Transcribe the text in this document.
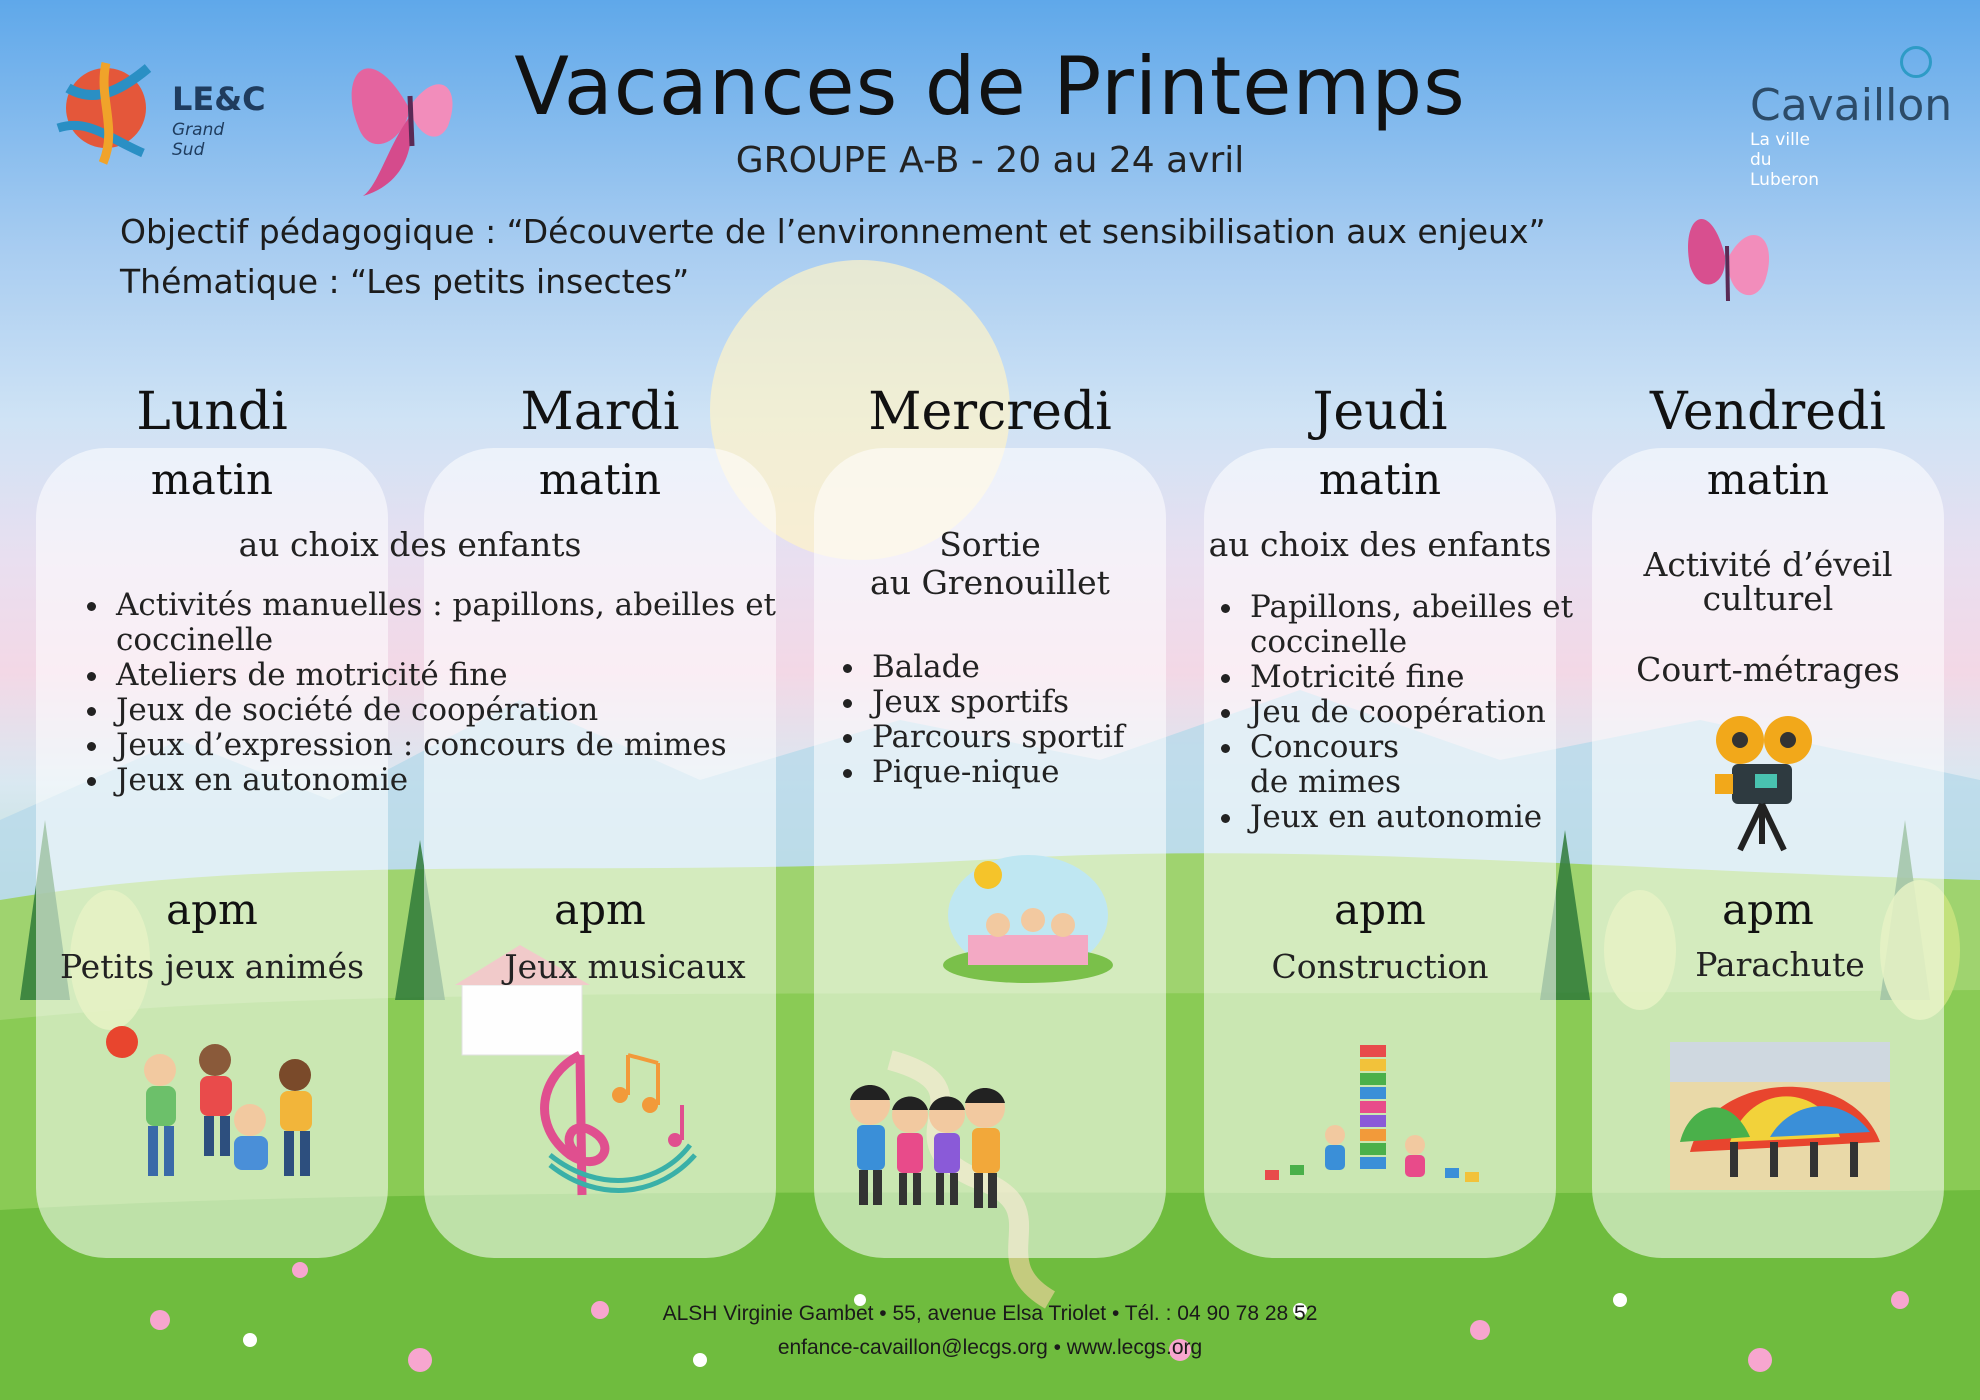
LE&C
Grand Sud
Cavaillon
La ville du Luberon
Vacances de Printemps
GROUPE A-B - 20 au 24 avril
Objectif pédagogique : “Découverte de l’environnement et sensibilisation aux enjeux”
Thématique : “Les petits insectes”
Lundi
matin
au choix des enfants
• Activités manuelles : papillons, abeilles et coccinelle
• Ateliers de motricité fine
• Jeux de société de coopération
• Jeux d’expression : concours de mimes
• Jeux en autonomie
apm
Petits jeux animés
Mardi
matin
apm
Jeux musicaux
Mercredi
Sortie
au Grenouillet
• Balade
• Jeux sportifs
• Parcours sportif
• Pique-nique
Jeudi
matin
au choix des enfants
• Papillons, abeilles et coccinelle
• Motricité fine
• Jeu de coopération
• Concours de mimes
• Jeux en autonomie
apm
Construction
Vendredi
matin
Activité d’éveil
culturel
Court-métrages
apm
Parachute
ALSH Virginie Gambet • 55, avenue Elsa Triolet • Tél. : 04 90 78 28 52
enfance-cavaillon@lecgs.org • www.lecgs.org
